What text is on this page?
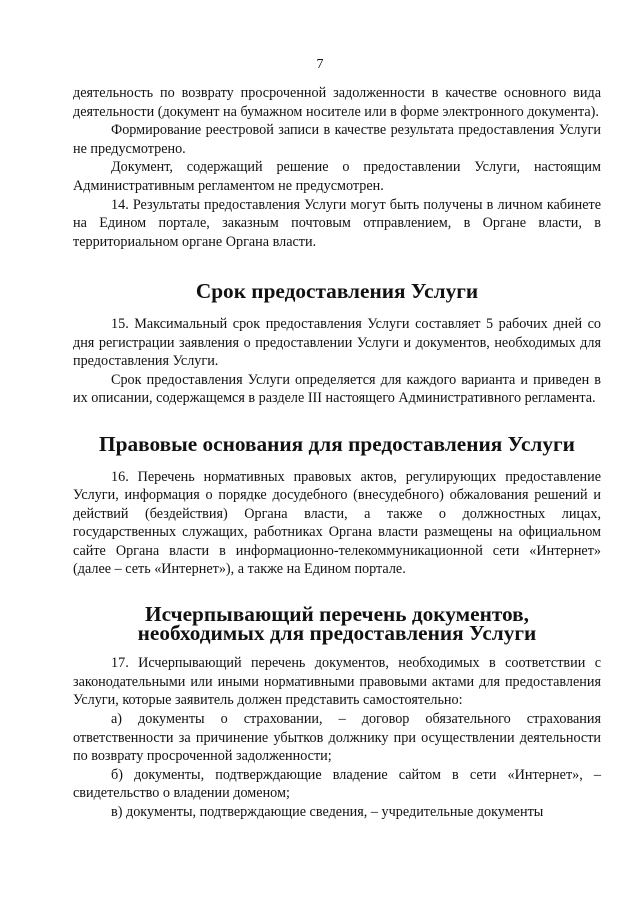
7

деятельность по возврату просроченной задолженности в качестве основного вида деятельности (документ на бумажном носителе или в форме электронного документа).

Формирование реестровой записи в качестве результата предоставления Услуги не предусмотрено.

Документ, содержащий решение о предоставлении Услуги, настоящим Административным регламентом не предусмотрен.

14. Результаты предоставления Услуги могут быть получены в личном кабинете на Едином портале, заказным почтовым отправлением, в Органе власти, в территориальном органе Органа власти.

Срок предоставления Услуги

15. Максимальный срок предоставления Услуги составляет 5 рабочих дней со дня регистрации заявления о предоставлении Услуги и документов, необходимых для предоставления Услуги.

Срок предоставления Услуги определяется для каждого варианта и приведен в их описании, содержащемся в разделе III настоящего Административного регламента.

Правовые основания для предоставления Услуги

16. Перечень нормативных правовых актов, регулирующих предоставление Услуги, информация о порядке досудебного (внесудебного) обжалования решений и действий (бездействия) Органа власти, а также о должностных лицах, государственных служащих, работниках Органа власти размещены на официальном сайте Органа власти в информационно-телекоммуникационной сети «Интернет» (далее – сеть «Интернет»), а также на Едином портале.

Исчерпывающий перечень документов, необходимых для предоставления Услуги

17. Исчерпывающий перечень документов, необходимых в соответствии с законодательными или иными нормативными правовыми актами для предоставления Услуги, которые заявитель должен представить самостоятельно:

а) документы о страховании, – договор обязательного страхования ответственности за причинение убытков должнику при осуществлении деятельности по возврату просроченной задолженности;

б) документы, подтверждающие владение сайтом в сети «Интернет», – свидетельство о владении доменом;

в) документы, подтверждающие сведения, – учредительные документы
